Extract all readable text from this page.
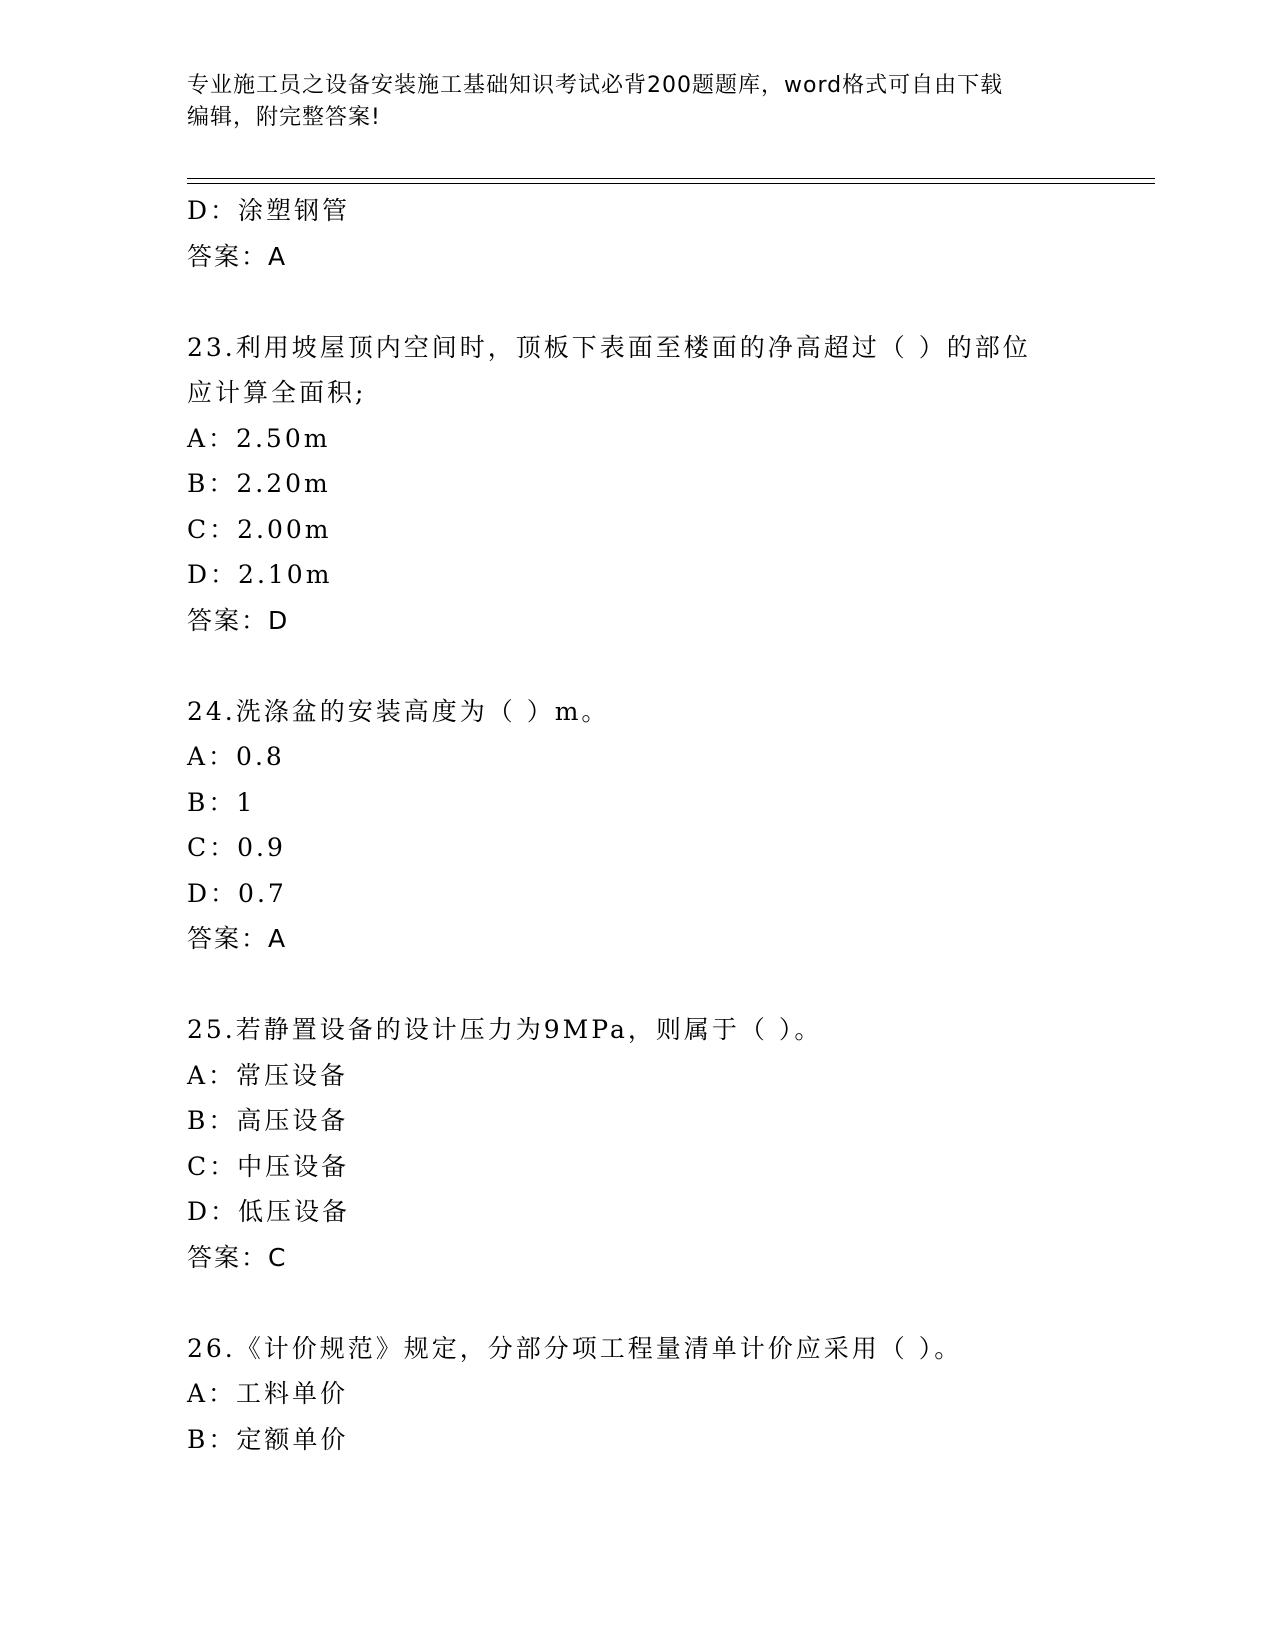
专业施工员之设备安装施工基础知识考试必背200题题库，word格式可自由下载
编辑，附完整答案!
D：涂塑钢管
答案：A
23.利用坡屋顶内空间时，顶板下表面至楼面的净高超过（ ）的部位
应计算全面积;
A：2.50m
B：2.20m
C：2.00m
D：2.10m
答案：D
24.洗涤盆的安装高度为（ ）m。
A：0.8
B：1
C：0.9
D：0.7
答案：A
25.若静置设备的设计压力为9MPa，则属于（ ）。
A：常压设备
B：高压设备
C：中压设备
D：低压设备
答案：C
26.《计价规范》规定，分部分项工程量清单计价应采用（ ）。
A：工料单价
B：定额单价
